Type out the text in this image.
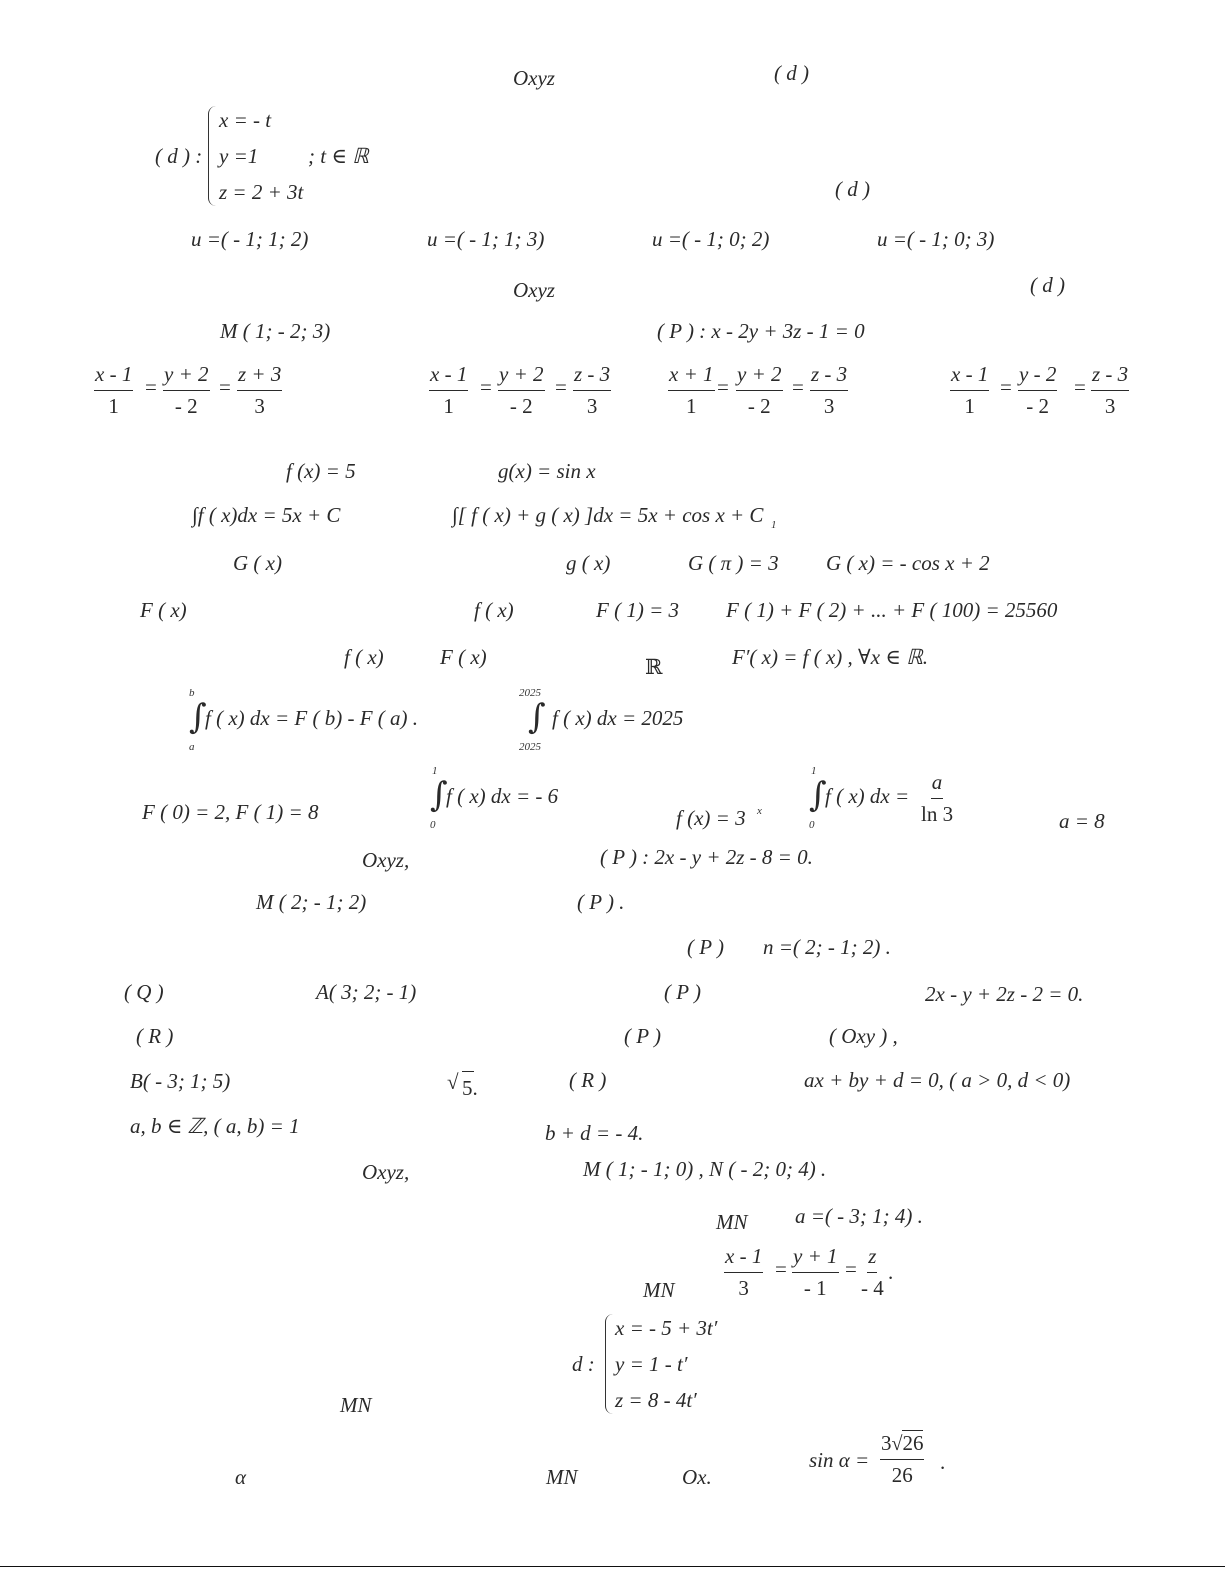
Oxyz	( d )
( d ) :
x = - t
y =1
z = 2 + 3t
; t ∈ ℝ
( d )
u =( - 1; 1; 2)	u =( - 1; 1; 3)	u =( - 1; 0; 2)	u =( - 1; 0; 3)
Oxyz	( d )
M ( 1; - 2; 3)	( P ) : x - 2y + 3z - 1 = 0
$\frac{x - 1}{1} = \frac{y + 2}{- 2} = \frac{z + 3}{3}$	$\frac{x - 1}{1} = \frac{y + 2}{- 2} = \frac{z - 3}{3}$	$\frac{x + 1}{1} = \frac{y + 2}{- 2} = \frac{z - 3}{3}$	$\frac{x - 1}{1} = \frac{y - 2}{- 2} = \frac{z - 3}{3}$
f (x) = 5	g(x) = sin x
∫f ( x)dx = 5x + C	∫[ f ( x) + g ( x) ]dx = 5x + cos x + C 1
G ( x)	g ( x)	G ( π ) = 3 G ( x) = - cos x + 2
F ( x)	f ( x)	F ( 1) = 3 F ( 1) + F ( 2) + ... + F ( 100) = 25560
f ( x)	F ( x)	ℝ	F′( x) = f ( x) , ∀x ∈ ℝ.
b
∫
a
f ( x) dx = F ( b) - F ( a) .
2025
∫
2025
f ( x) dx = 2025
F ( 0) = 2, F ( 1) = 8
1
∫
0
f ( x) dx = - 6
f (x) = 3 x
1
∫
0
f ( x) dx = $\frac{a}{\ln 3}$	a = 8
Oxyz,	( P ) : 2x - y + 2z - 8 = 0.
M ( 2; - 1; 2)	( P ) .
( P ) n =( 2; - 1; 2) .
( Q )	A( 3; 2; - 1)	( P )	2x - y + 2z - 2 = 0.
( R )	( P )	( Oxy ) ,
B( - 3; 1; 5)	√ 5.	( R )	ax + by + d = 0, ( a > 0, d < 0)
a, b ∈ ℤ, ( a, b) = 1	b + d = - 4.
Oxyz,	M ( 1; - 1; 0) , N ( - 2; 0; 4) .
MN a =( - 3; 1; 4) .
MN $\frac{x - 1}{3} = \frac{y + 1}{- 1} = \frac{z}{- 4}$ .
d :
x = - 5 + 3t′
y = 1 - t′
z = 8 - 4t′
MN
α	MN	Ox.
$\sin \alpha = \frac{3√26}{26}$ .
